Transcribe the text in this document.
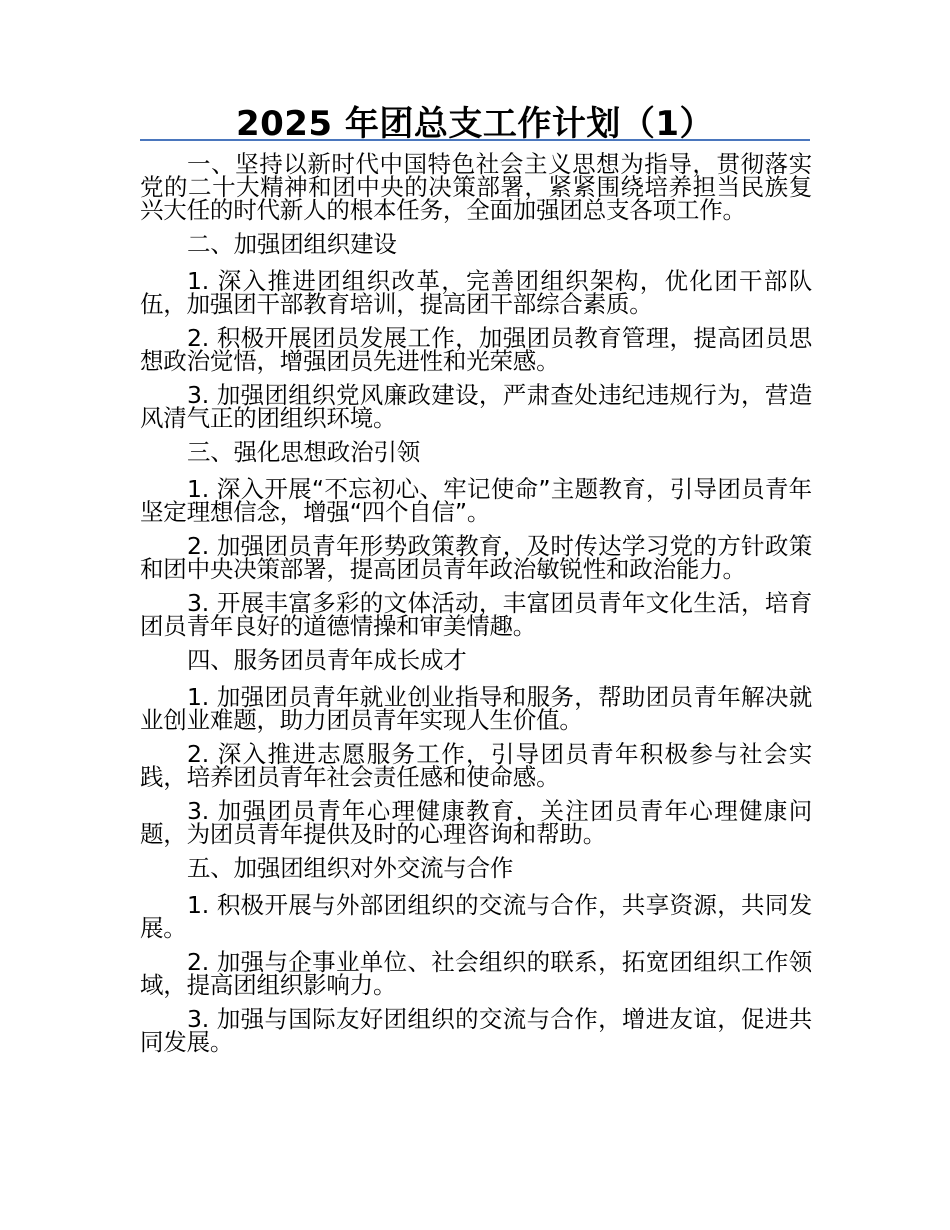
2025 年团总支工作计划（1）

一、坚持以新时代中国特色社会主义思想为指导，贯彻落实党的二十大精神和团中央的决策部署，紧紧围绕培养担当民族复兴大任的时代新人的根本任务，全面加强团总支各项工作。

二、加强团组织建设

1. 深入推进团组织改革，完善团组织架构，优化团干部队伍，加强团干部教育培训，提高团干部综合素质。

2. 积极开展团员发展工作，加强团员教育管理，提高团员思想政治觉悟，增强团员先进性和光荣感。

3. 加强团组织党风廉政建设，严肃查处违纪违规行为，营造风清气正的团组织环境。

三、强化思想政治引领

1. 深入开展“不忘初心、牢记使命”主题教育，引导团员青年坚定理想信念，增强“四个自信”。

2. 加强团员青年形势政策教育，及时传达学习党的方针政策和团中央决策部署，提高团员青年政治敏锐性和政治能力。

3. 开展丰富多彩的文体活动，丰富团员青年文化生活，培育团员青年良好的道德情操和审美情趣。

四、服务团员青年成长成才

1. 加强团员青年就业创业指导和服务，帮助团员青年解决就业创业难题，助力团员青年实现人生价值。

2. 深入推进志愿服务工作，引导团员青年积极参与社会实践，培养团员青年社会责任感和使命感。

3. 加强团员青年心理健康教育，关注团员青年心理健康问题，为团员青年提供及时的心理咨询和帮助。

五、加强团组织对外交流与合作

1. 积极开展与外部团组织的交流与合作，共享资源，共同发展。

2. 加强与企事业单位、社会组织的联系，拓宽团组织工作领域，提高团组织影响力。

3. 加强与国际友好团组织的交流与合作，增进友谊，促进共同发展。
